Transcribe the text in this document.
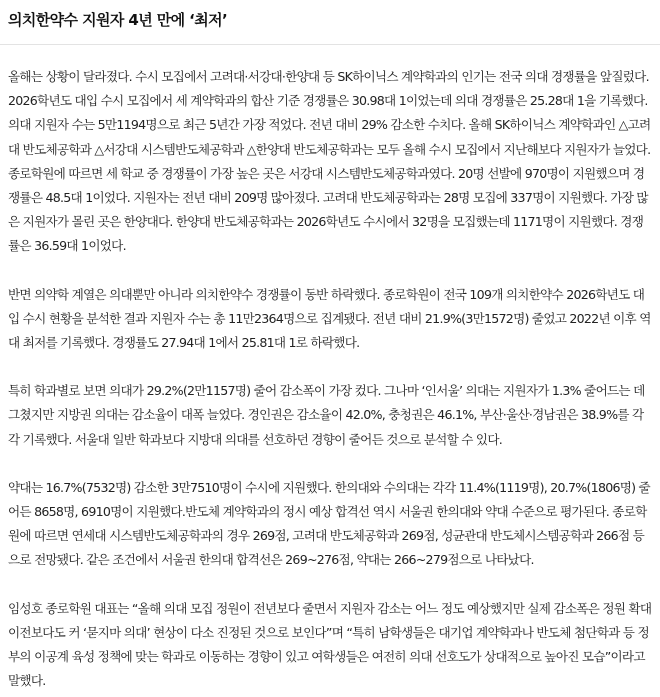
의치한약수 지원자 4년 만에 ‘최저’

올해는 상황이 달라졌다. 수시 모집에서 고려대·서강대·한양대 등 SK하이닉스 계약학과의 인기는 전국 의대 경쟁률을 앞질렀다. 2026학년도 대입 수시 모집에서 세 계약학과의 합산 기준 경쟁률은 30.98대 1이었는데 의대 경쟁률은 25.28대 1을 기록했다. 의대 지원자 수는 5만1194명으로 최근 5년간 가장 적었다. 전년 대비 29% 감소한 수치다. 올해 SK하이닉스 계약학과인 △고려대 반도체공학과 △서강대 시스템반도체공학과 △한양대 반도체공학과는 모두 올해 수시 모집에서 지난해보다 지원자가 늘었다. 종로학원에 따르면 세 학교 중 경쟁률이 가장 높은 곳은 서강대 시스템반도체공학과였다. 20명 선발에 970명이 지원했으며 경쟁률은 48.5대 1이었다. 지원자는 전년 대비 209명 많아졌다. 고려대 반도체공학과는 28명 모집에 337명이 지원했다. 가장 많은 지원자가 몰린 곳은 한양대다. 한양대 반도체공학과는 2026학년도 수시에서 32명을 모집했는데 1171명이 지원했다. 경쟁률은 36.59대 1이었다.

반면 의약학 계열은 의대뿐만 아니라 의치한약수 경쟁률이 동반 하락했다. 종로학원이 전국 109개 의치한약수 2026학년도 대입 수시 현황을 분석한 결과 지원자 수는 총 11만2364명으로 집계됐다. 전년 대비 21.9%(3만1572명) 줄었고 2022년 이후 역대 최저를 기록했다. 경쟁률도 27.94대 1에서 25.81대 1로 하락했다.

특히 학과별로 보면 의대가 29.2%(2만1157명) 줄어 감소폭이 가장 컸다. 그나마 ‘인서울’ 의대는 지원자가 1.3% 줄어드는 데 그쳤지만 지방권 의대는 감소율이 대폭 늘었다. 경인권은 감소율이 42.0%, 충청권은 46.1%, 부산·울산·경남권은 38.9%를 각각 기록했다. 서울대 일반 학과보다 지방대 의대를 선호하던 경향이 줄어든 것으로 분석할 수 있다.

약대는 16.7%(7532명) 감소한 3만7510명이 수시에 지원했다. 한의대와 수의대는 각각 11.4%(1119명), 20.7%(1806명) 줄어든 8658명, 6910명이 지원했다.반도체 계약학과의 정시 예상 합격선 역시 서울권 한의대와 약대 수준으로 평가된다. 종로학원에 따르면 연세대 시스템반도체공학과의 경우 269점, 고려대 반도체공학과 269점, 성균관대 반도체시스템공학과 266점 등으로 전망됐다. 같은 조건에서 서울권 한의대 합격선은 269~276점, 약대는 266~279점으로 나타났다.

임성호 종로학원 대표는 “올해 의대 모집 정원이 전년보다 줄면서 지원자 감소는 어느 정도 예상했지만 실제 감소폭은 정원 확대 이전보다도 커 ‘묻지마 의대’ 현상이 다소 진정된 것으로 보인다”며 “특히 남학생들은 대기업 계약학과나 반도체 첨단학과 등 정부의 이공계 육성 정책에 맞는 학과로 이동하는 경향이 있고 여학생들은 여전히 의대 선호도가 상대적으로 높아진 모습”이라고 말했다.
